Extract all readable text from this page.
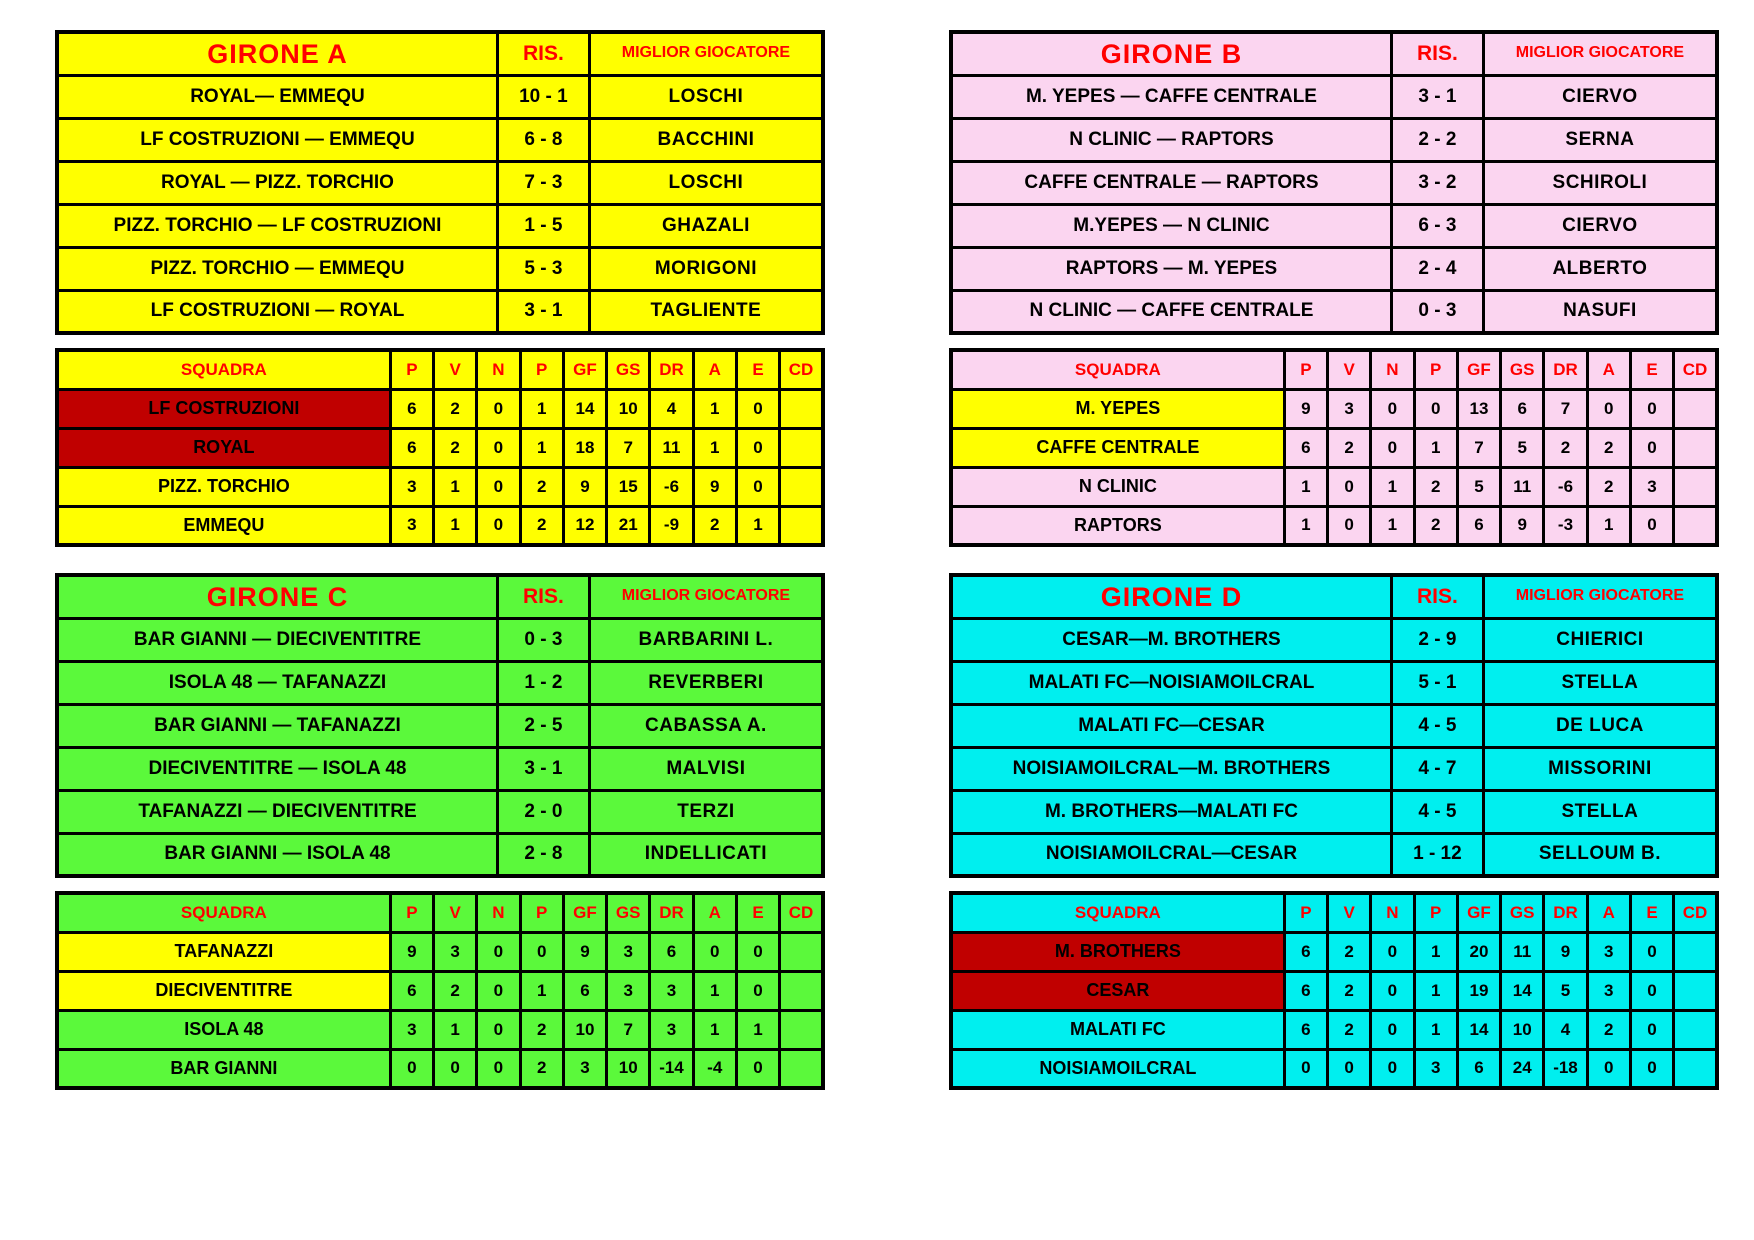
GIRONE A	RIS.	MIGLIOR GIOCATORE
ROYAL— EMMEQU	10 - 1	LOSCHI
LF COSTRUZIONI — EMMEQU	6 - 8	BACCHINI
ROYAL — PIZZ. TORCHIO	7 - 3	LOSCHI
PIZZ. TORCHIO — LF COSTRUZIONI	1 - 5	GHAZALI
PIZZ. TORCHIO — EMMEQU	5 - 3	MORIGONI
LF COSTRUZIONI — ROYAL	3 - 1	TAGLIENTE
SQUADRA	P	V	N	P	GF	GS	DR	A	E	CD
LF COSTRUZIONI	6	2	0	1	14	10	4	1	0	
ROYAL	6	2	0	1	18	7	11	1	0	
PIZZ. TORCHIO	3	1	0	2	9	15	-6	9	0	
EMMEQU	3	1	0	2	12	21	-9	2	1	
GIRONE B	RIS.	MIGLIOR GIOCATORE
M. YEPES — CAFFE CENTRALE	3 - 1	CIERVO
N CLINIC — RAPTORS	2 - 2	SERNA
CAFFE CENTRALE — RAPTORS	3 - 2	SCHIROLI
M.YEPES — N CLINIC	6 - 3	CIERVO
RAPTORS — M. YEPES	2 - 4	ALBERTO
N CLINIC — CAFFE CENTRALE	0 - 3	NASUFI
SQUADRA	P	V	N	P	GF	GS	DR	A	E	CD
M. YEPES	9	3	0	0	13	6	7	0	0	
CAFFE CENTRALE	6	2	0	1	7	5	2	2	0	
N CLINIC	1	0	1	2	5	11	-6	2	3	
RAPTORS	1	0	1	2	6	9	-3	1	0	
GIRONE C	RIS.	MIGLIOR GIOCATORE
BAR GIANNI — DIECIVENTITRE	0 - 3	BARBARINI L.
ISOLA 48 — TAFANAZZI	1 - 2	REVERBERI
BAR GIANNI — TAFANAZZI	2 - 5	CABASSA A.
DIECIVENTITRE — ISOLA 48	3 - 1	MALVISI
TAFANAZZI — DIECIVENTITRE	2 - 0	TERZI
BAR GIANNI — ISOLA 48	2 - 8	INDELLICATI
SQUADRA	P	V	N	P	GF	GS	DR	A	E	CD
TAFANAZZI	9	3	0	0	9	3	6	0	0	
DIECIVENTITRE	6	2	0	1	6	3	3	1	0	
ISOLA 48	3	1	0	2	10	7	3	1	1	
BAR GIANNI	0	0	0	2	3	10	-14	-4	0	
GIRONE D	RIS.	MIGLIOR GIOCATORE
CESAR—M. BROTHERS	2 - 9	CHIERICI
MALATI FC—NOISIAMOILCRAL	5 - 1	STELLA
MALATI FC—CESAR	4 - 5	DE LUCA
NOISIAMOILCRAL—M. BROTHERS	4 - 7	MISSORINI
M. BROTHERS—MALATI FC	4 - 5	STELLA
NOISIAMOILCRAL—CESAR	1 - 12	SELLOUM B.
SQUADRA	P	V	N	P	GF	GS	DR	A	E	CD
M. BROTHERS	6	2	0	1	20	11	9	3	0	
CESAR	6	2	0	1	19	14	5	3	0	
MALATI FC	6	2	0	1	14	10	4	2	0	
NOISIAMOILCRAL	0	0	0	3	6	24	-18	0	0	
